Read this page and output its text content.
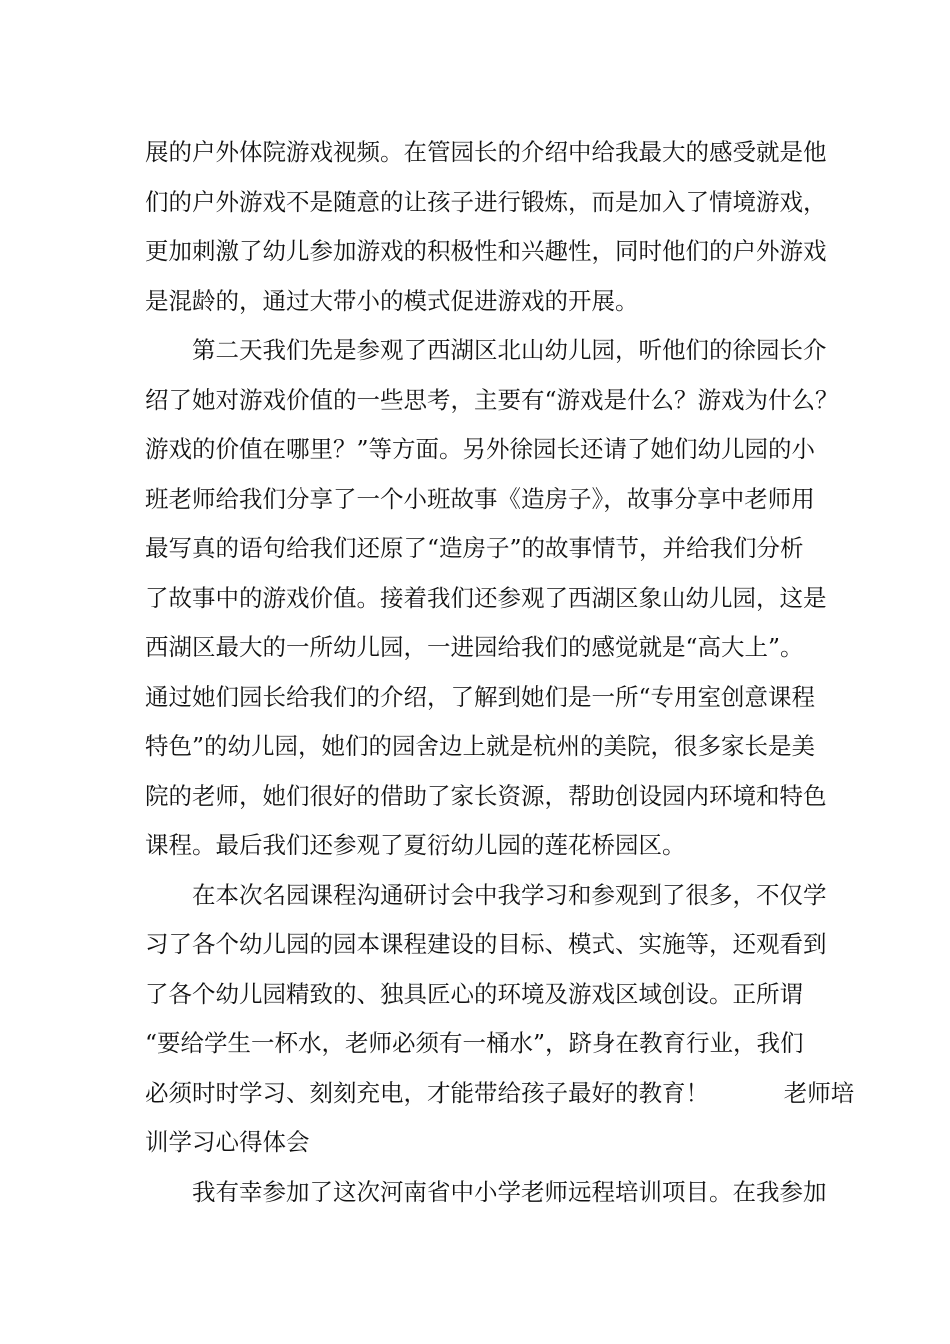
展的户外体院游戏视频。在管园长的介绍中给我最大的感受就是他
们的户外游戏不是随意的让孩子进行锻炼，而是加入了情境游戏，
更加刺激了幼儿参加游戏的积极性和兴趣性，同时他们的户外游戏
是混龄的，通过大带小的模式促进游戏的开展。
第二天我们先是参观了西湖区北山幼儿园，听他们的徐园长介
绍了她对游戏价值的一些思考，主要有“游戏是什么？游戏为什么？
游戏的价值在哪里？”等方面。另外徐园长还请了她们幼儿园的小
班老师给我们分享了一个小班故事《造房子》，故事分享中老师用
最写真的语句给我们还原了“造房子”的故事情节，并给我们分析
了故事中的游戏价值。接着我们还参观了西湖区象山幼儿园，这是
西湖区最大的一所幼儿园，一进园给我们的感觉就是“高大上”。
通过她们园长给我们的介绍，了解到她们是一所“专用室创意课程
特色”的幼儿园，她们的园舍边上就是杭州的美院，很多家长是美
院的老师，她们很好的借助了家长资源，帮助创设园内环境和特色
课程。最后我们还参观了夏衍幼儿园的莲花桥园区。
在本次名园课程沟通研讨会中我学习和参观到了很多，不仅学
习了各个幼儿园的园本课程建设的目标、模式、实施等，还观看到
了各个幼儿园精致的、独具匠心的环境及游戏区域创设。正所谓
“要给学生一杯水，老师必须有一桶水”，跻身在教育行业，我们
必须时时学习、刻刻充电，才能带给孩子最好的教育！          老师培
训学习心得体会
我有幸参加了这次河南省中小学老师远程培训项目。在我参加
